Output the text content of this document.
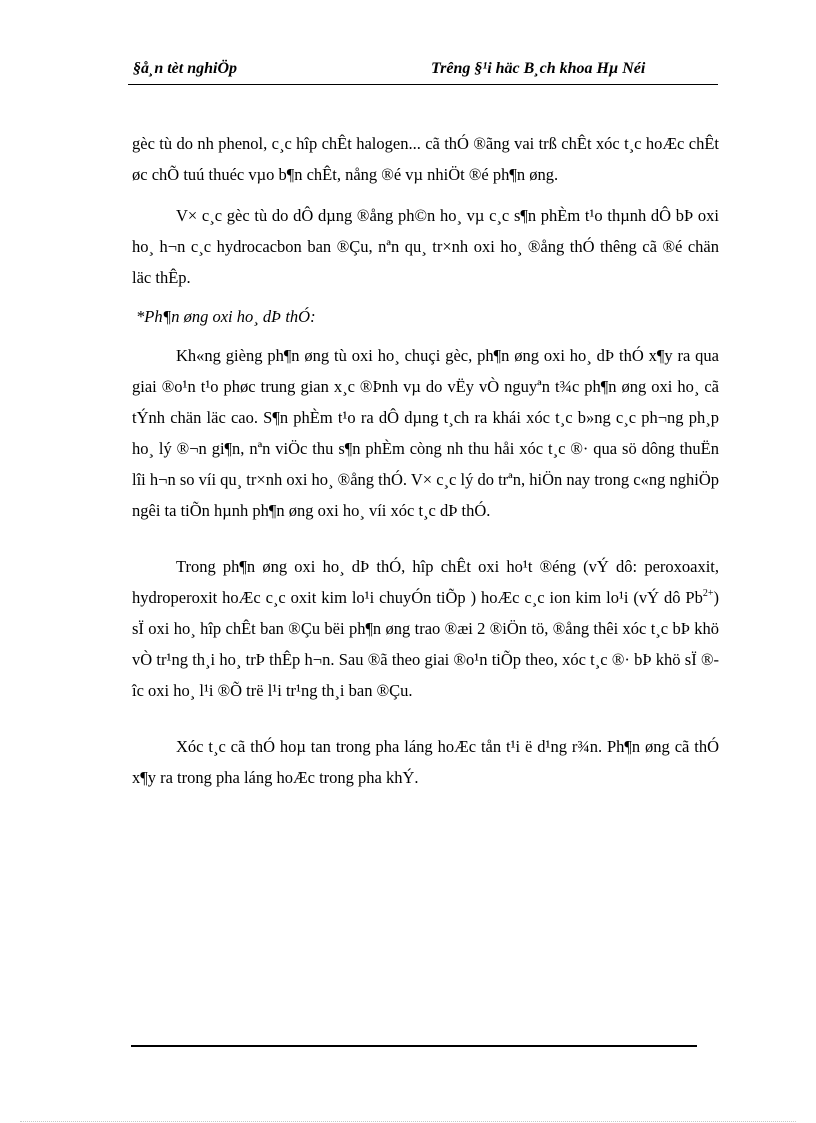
§å¸n tèt nghiÖp	Trêng §¹i häc B¸ch khoa Hµ Néi

gèc tù do nh phenol, c¸c hîp chÊt halogen... cã thÓ ®ãng vai trß chÊt xóc t¸c hoÆc chÊt øc chÕ tuú thuéc vµo b¶n chÊt, nång ®é vµ nhiÖt ®é ph¶n øng.

V× c¸c gèc tù do dÔ dµng ®ång ph©n ho¸ vµ c¸c s¶n phÈm t¹o thµnh dÔ bÞ oxi ho¸ h¬n c¸c hydrocacbon ban ®Çu, nªn qu¸ tr×nh oxi ho¸ ®ång thÓ thêng cã ®é chän läc thÊp.

*Ph¶n øng oxi ho¸ dÞ thÓ:

Kh«ng gièng ph¶n øng tù oxi ho¸ chuçi gèc, ph¶n øng oxi ho¸ dÞ thÓ x¶y ra qua giai ®o¹n t¹o phøc trung gian x¸c ®Þnh vµ do vËy vÒ nguyªn t¾c ph¶n øng oxi ho¸ cã tÝnh chän läc cao. S¶n phÈm t¹o ra dÔ dµng t¸ch ra khái xóc t¸c b»ng c¸c ph¬ng ph¸p ho¸ lý ®¬n gi¶n, nªn viÖc thu s¶n phÈm còng nh thu håi xóc t¸c ®· qua sö dông thuËn lîi h¬n so víi qu¸ tr×nh oxi ho¸ ®ång thÓ. V× c¸c lý do trªn, hiÖn nay trong c«ng nghiÖp ngêi ta tiÕn hµnh ph¶n øng oxi ho¸ víi xóc t¸c dÞ thÓ.

Trong ph¶n øng oxi ho¸ dÞ thÓ, hîp chÊt oxi ho¹t ®éng (vÝ dô: peroxoaxit, hydroperoxit hoÆc c¸c oxit kim lo¹i chuyÓn tiÕp ) hoÆc c¸c ion kim lo¹i (vÝ dô $Pb^{2+}$) sÏ oxi ho¸ hîp chÊt ban ®Çu bëi ph¶n øng trao ®æi 2 ®iÖn tö, ®ång thêi xóc t¸c bÞ khö vÒ tr¹ng th¸i ho¸ trÞ thÊp h¬n. Sau ®ã theo giai ®o¹n tiÕp theo, xóc t¸c ®· bÞ khö sÏ ®îc oxi ho¸ l¹i ®Õ trë l¹i tr¹ng th¸i ban ®Çu.

Xóc t¸c cã thÓ hoµ tan trong pha láng hoÆc tån t¹i ë d¹ng r¾n. Ph¶n øng cã thÓ x¶y ra trong pha láng hoÆc trong pha khÝ.
